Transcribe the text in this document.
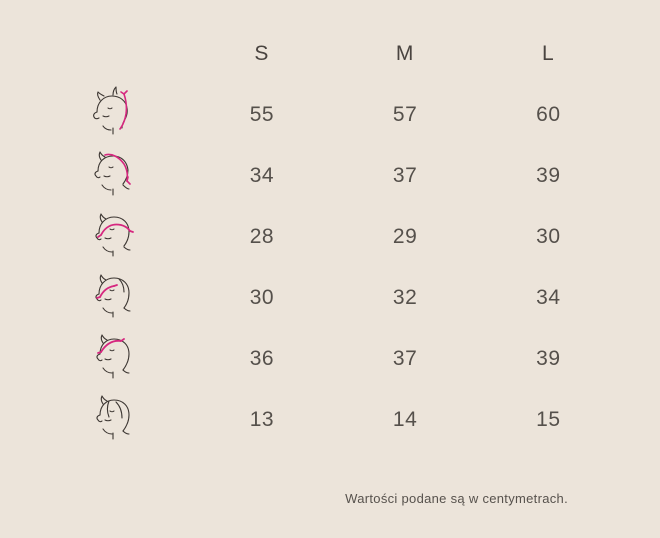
	S	M	L

	55	57	60

	34	37	39

	28	29	30

	30	32	34

	36	37	39

	13	14	15
Wartości podane są w centymetrach.
